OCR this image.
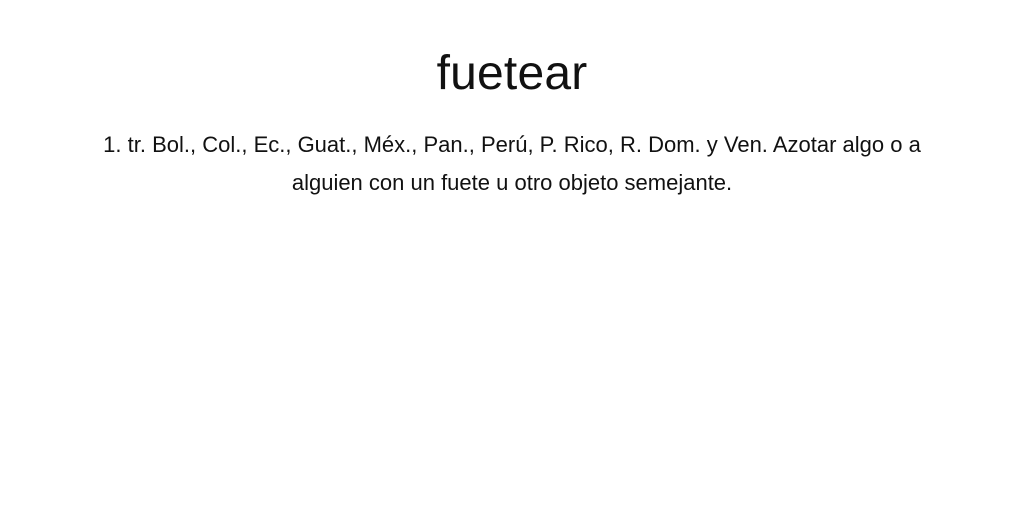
fuetear

1. tr. Bol., Col., Ec., Guat., Méx., Pan., Perú, P. Rico, R. Dom. y Ven. Azotar algo o a alguien con un fuete u otro objeto semejante.
